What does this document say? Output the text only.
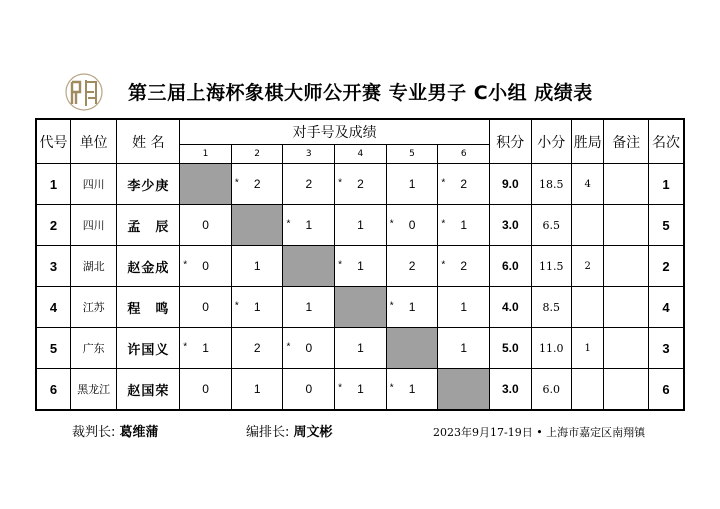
第三届上海杯象棋大师公开赛 专业男子 C小组 成绩表
代号	单位	姓 名	对手号及成绩						积分	小分	胜局	备注	名次
			1	2	3	4	5	6					
1	四川	李少庚		* 2	2	* 2	1	* 2	9.0	18.5	4		1
2	四川	孟　辰	0		* 1	1	* 0	* 1	3.0	6.5			5
3	湖北	赵金成	* 0	1		* 1	2	* 2	6.0	11.5	2		2
4	江苏	程　鸣	0	* 1	1		* 1	1	4.0	8.5			4
5	广东	许国义	* 1	2	* 0	1		1	5.0	11.0	1		3
6	黑龙江	赵国荣	0	1	0	* 1	* 1		3.0	6.0			6
裁判长: 葛维蒲	编排长: 周文彬	2023年9月17-19日 • 上海市嘉定区南翔镇
